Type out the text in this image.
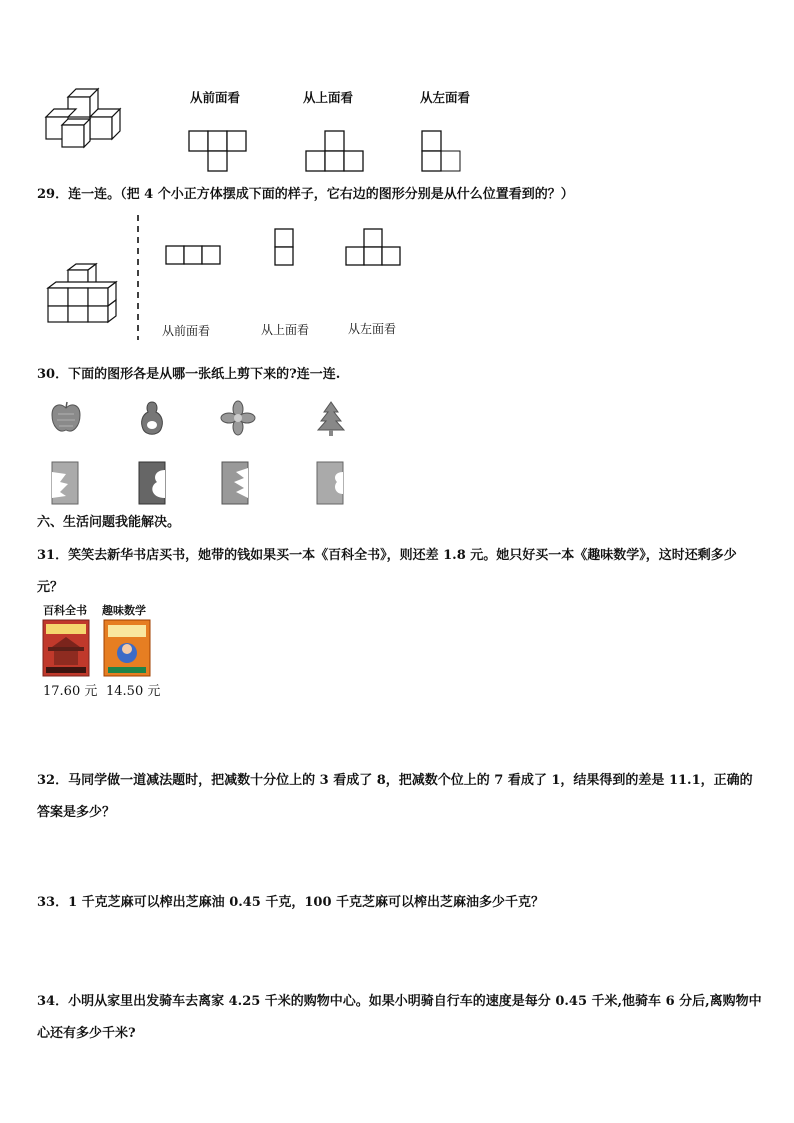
从前面看	从上面看	从左面看
29．连一连。（把 4 个小正方体摆成下面的样子，它右边的图形分别是从什么位置看到的？）
从前面看	从上面看	从左面看
30．下面的图形各是从哪一张纸上剪下来的?连一连.
六、生活问题我能解决。
31．笑笑去新华书店买书，她带的钱如果买一本《百科全书》，则还差 1.8 元。她只好买一本《趣味数学》，这时还剩多少元？
百科全书 趣味数学
17.60 元 14.50 元
32．马同学做一道减法题时，把减数十分位上的 3 看成了 8，把减数个位上的 7 看成了 1，结果得到的差是 11.1，正确的答案是多少？
33．1 千克芝麻可以榨出芝麻油 0.45 千克，100 千克芝麻可以榨出芝麻油多少千克？
34．小明从家里出发骑车去离家 4.25 千米的购物中心。如果小明骑自行车的速度是每分 0.45 千米,他骑车 6 分后,离购物中心还有多少千米?
